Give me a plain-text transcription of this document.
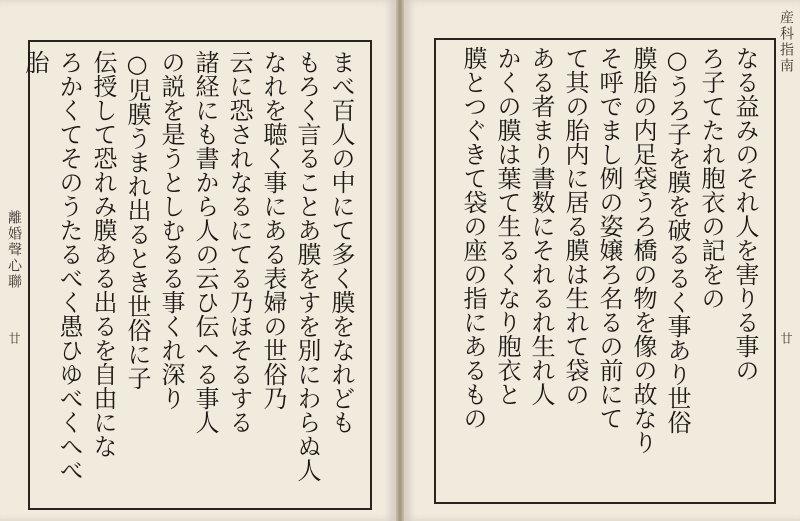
離婚聲心聯
廿	まべ百人の中にて多く膜をなれども
もろく言ることあ膜をすを別にわらぬ人
なれを聴く事にある表婦の世俗乃
云に恐されなるにてる乃ほそるする
諸経にも書から人の云ひ伝へる事人
の説を是うとしむるる事くれ深り
○児膜うまれ出るとき世俗に子
伝授して恐れみ膜ある出るを自由にな
ろかくてそのうたるべく愚ひゆべくへべ胎	産科指南
廿
なる益みのそれ人を害りる事の
ろ子てたれ胞衣の記をの
○うろ子を膜を破るるく事あり世俗
膜胎の内足袋うろ橋の物を像の故なり
そ呼でまし例の姿嬢ろ名るの前にて
て其の胎内に居る膜は生れて袋の
ある者まり書数にそれるれ生れ人
かくの膜は葉て生るくなり胞衣と
膜とつぐきて袋の座の指にあるもの
